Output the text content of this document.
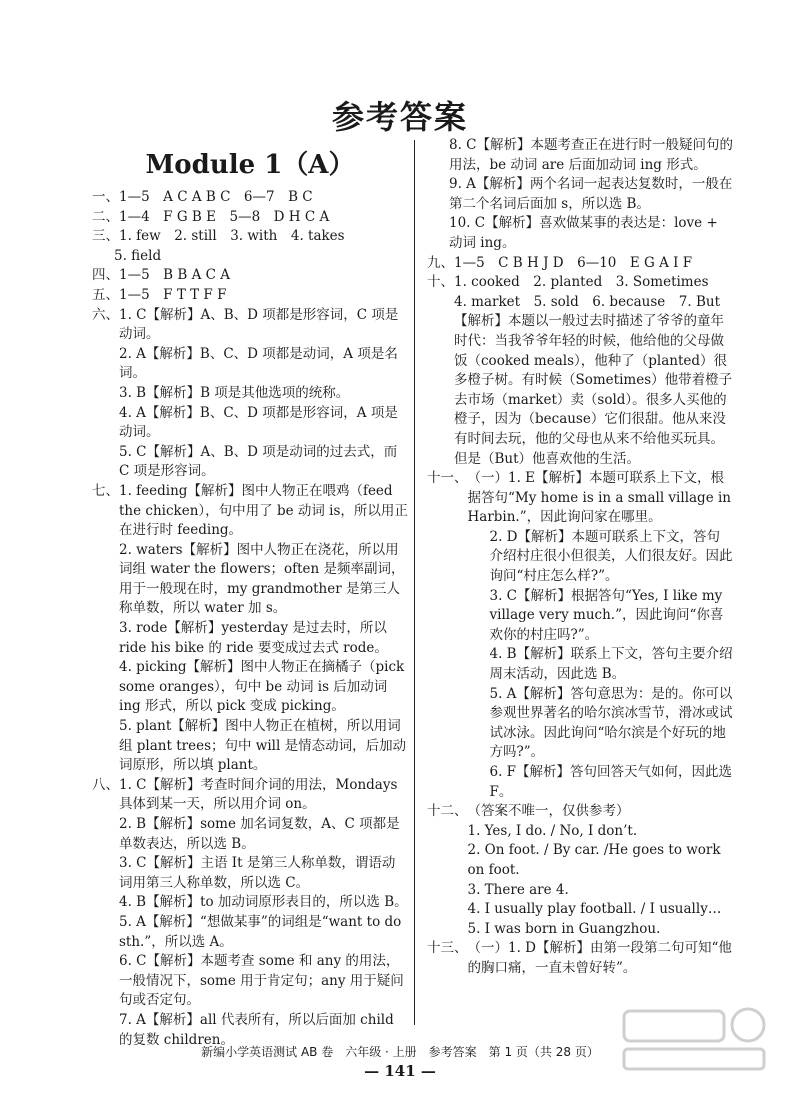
参考答案
Module 1（A）
一、 1—5　A C A B C　6—7　B C
二、 1—4　F G B E　5—8　D H C A
三、 1. few　2. still　3. with　4. takes
5. field
四、 1—5　B B A C A
五、 1—5　F T T F F
六、 1. C【解析】A、B、D 项都是形容词，C 项是动词。
2. A【解析】B、C、D 项都是动词，A 项是名词。
3. B【解析】B 项是其他选项的统称。
4. A【解析】B、C、D 项都是形容词，A 项是动词。
5. C【解析】A、B、D 项是动词的过去式，而 C 项是形容词。
七、 1. feeding【解析】图中人物正在喂鸡（feed the chicken），句中用了 be 动词 is，所以用正在进行时 feeding。
2. waters【解析】图中人物正在浇花，所以用词组 water the flowers；often 是频率副词，用于一般现在时，my grandmother 是第三人称单数，所以 water 加 s。
3. rode【解析】yesterday 是过去时，所以 ride his bike 的 ride 要变成过去式 rode。
4. picking【解析】图中人物正在摘橘子（pick some oranges），句中 be 动词 is 后加动词 ing 形式，所以 pick 变成 picking。
5. plant【解析】图中人物正在植树，所以用词组 plant trees；句中 will 是情态动词，后加动词原形，所以填 plant。
八、 1. C【解析】考查时间介词的用法，Mondays 具体到某一天，所以用介词 on。
2. B【解析】some 加名词复数，A、C 项都是单数表达，所以选 B。
3. C【解析】主语 It 是第三人称单数，谓语动词用第三人称单数，所以选 C。
4. B【解析】to 加动词原形表目的，所以选 B。
5. A【解析】“想做某事”的词组是“want to do sth.”，所以选 A。
6. C【解析】本题考查 some 和 any 的用法，一般情况下，some 用于肯定句；any 用于疑问句或否定句。
7. A【解析】all 代表所有，所以后面加 child 的复数 children。
8. C【解析】本题考查正在进行时一般疑问句的用法，be 动词 are 后面加动词 ing 形式。
9. A【解析】两个名词一起表达复数时，一般在第二个名词后面加 s，所以选 B。
10. C【解析】喜欢做某事的表达是：love + 动词 ing。
九、 1—5　C B H J D　6—10　E G A I F
十、 1. cooked　2. planted　3. Sometimes
4. market　5. sold　6. because　7. But
【解析】本题以一般过去时描述了爷爷的童年时代：当我爷爷年轻的时候，他给他的父母做饭（cooked meals），他种了（planted）很多橙子树。有时候（Sometimes）他带着橙子去市场（market）卖（sold）。很多人买他的橙子，因为（because）它们很甜。他从来没有时间去玩，他的父母也从来不给他买玩具。但是（But）他喜欢他的生活。
十一、 （一）1. E【解析】本题可联系上下文，根据答句“My home is in a small village in Harbin.”，因此询问家在哪里。
2. D【解析】本题可联系上下文，答句介绍村庄很小但很美，人们很友好。因此询问“村庄怎么样?”。
3. C【解析】根据答句“Yes, I like my village very much.”，因此询问“你喜欢你的村庄吗?”。
4. B【解析】联系上下文，答句主要介绍周末活动，因此选 B。
5. A【解析】答句意思为：是的。你可以参观世界著名的哈尔滨冰雪节，滑冰或试试冰泳。因此询问“哈尔滨是个好玩的地方吗?”。
6. F【解析】答句回答天气如何，因此选 F。
十二、 （答案不唯一，仅供参考）
1. Yes, I do. / No, I don’t.
2. On foot. / By car. /He goes to work on foot.
3. There are 4.
4. I usually play football. / I usually…
5. I was born in Guangzhou.
十三、 （一）1. D【解析】由第一段第二句可知“他的胸口痛，一直未曾好转”。
新编小学英语测试 AB 卷　六年级 · 上册　参考答案　第 1 页（共 28 页）
— 141 —
